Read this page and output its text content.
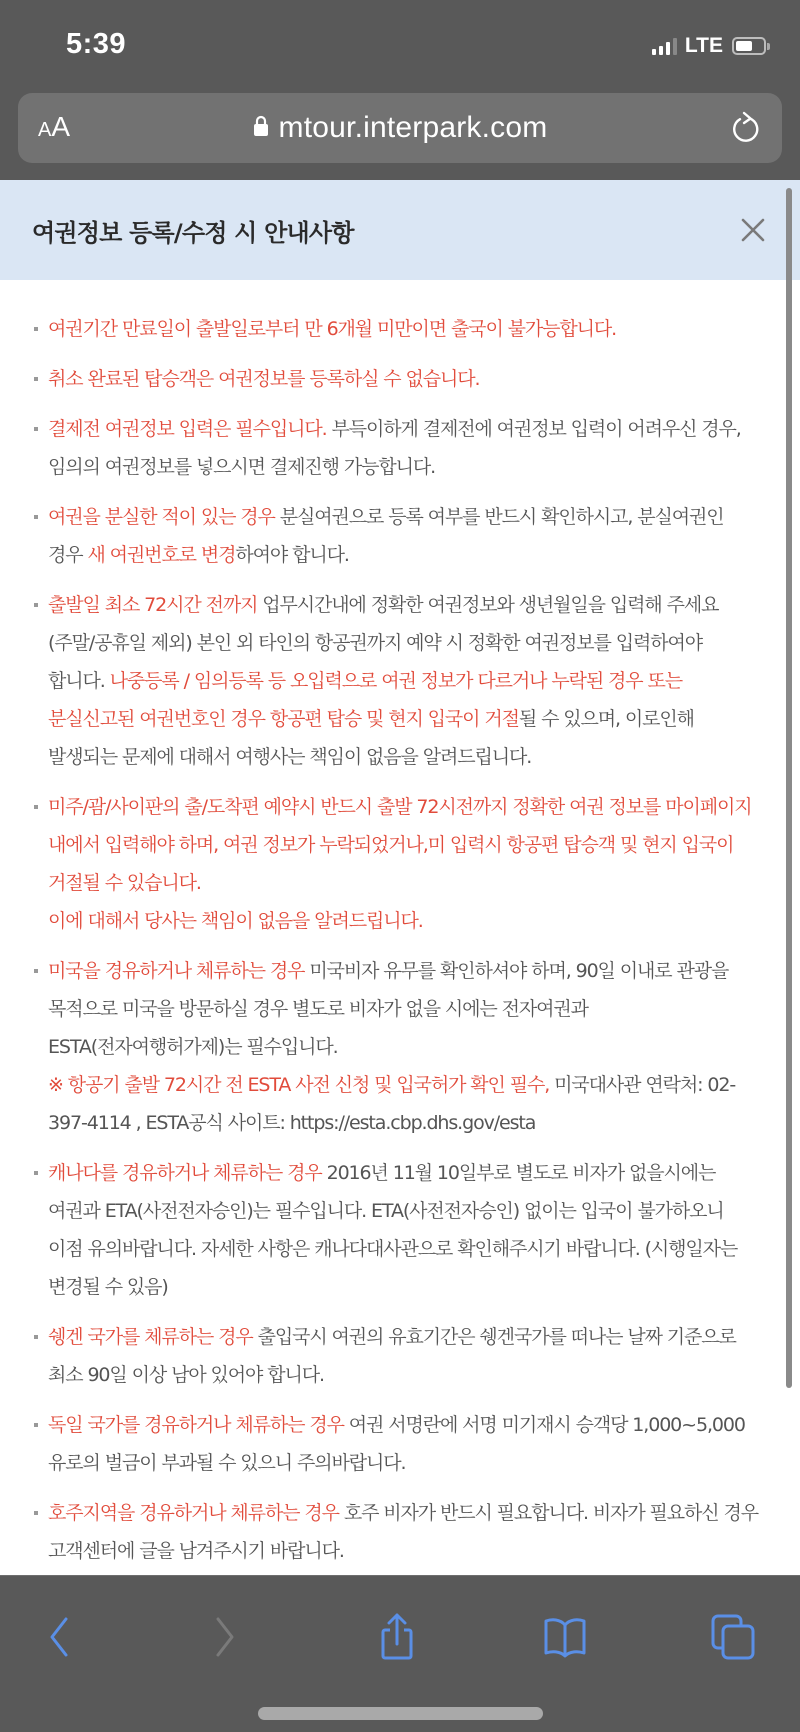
5:39	LTE
A A	mtour.interpark.com
여권정보 등록/수정 시 안내사항
여권기간 만료일이 출발일로부터 만 6개월 미만이면 출국이 불가능합니다.
취소 완료된 탑승객은 여권정보를 등록하실 수 없습니다.
결제전 여권정보 입력은 필수입니다. 부득이하게 결제전에 여권정보 입력이 어려우신 경우, 임의의 여권정보를 넣으시면 결제진행 가능합니다.
여권을 분실한 적이 있는 경우 분실여권으로 등록 여부를 반드시 확인하시고, 분실여권인 경우 새 여권번호로 변경하여야 합니다.
출발일 최소 72시간 전까지 업무시간내에 정확한 여권정보와 생년월일을 입력해 주세요(주말/공휴일 제외) 본인 외 타인의 항공권까지 예약 시 정확한 여권정보를 입력하여야 합니다. 나중등록 / 임의등록 등 오입력으로 여권 정보가 다르거나 누락된 경우 또는 분실신고된 여권번호인 경우 항공편 탑승 및 현지 입국이 거절될 수 있으며, 이로인해 발생되는 문제에 대해서 여행사는 책임이 없음을 알려드립니다.
미주/괌/사이판의 출/도착편 예약시 반드시 출발 72시전까지 정확한 여권 정보를 마이페이지 내에서 입력해야 하며, 여권 정보가 누락되었거나,미 입력시 항공편 탑승객 및 현지 입국이 거절될 수 있습니다.
이에 대해서 당사는 책임이 없음을 알려드립니다.
미국을 경유하거나 체류하는 경우 미국비자 유무를 확인하셔야 하며, 90일 이내로 관광을 목적으로 미국을 방문하실 경우 별도로 비자가 없을 시에는 전자여권과 ESTA(전자여행허가제)는 필수입니다.
※ 항공기 출발 72시간 전 ESTA 사전 신청 및 입국허가 확인 필수, 미국대사관 연락처: 02-397-4114 , ESTA공식 사이트: https://esta.cbp.dhs.gov/esta
캐나다를 경유하거나 체류하는 경우 2016년 11월 10일부로 별도로 비자가 없을시에는 여권과 ETA(사전전자승인)는 필수입니다. ETA(사전전자승인) 없이는 입국이 불가하오니 이점 유의바랍니다. 자세한 사항은 캐나다대사관으로 확인해주시기 바랍니다. (시행일자는 변경될 수 있음)
쉥겐 국가를 체류하는 경우 출입국시 여권의 유효기간은 쉥겐국가를 떠나는 날짜 기준으로 최소 90일 이상 남아 있어야 합니다.
독일 국가를 경유하거나 체류하는 경우 여권 서명란에 서명 미기재시 승객당 1,000~5,000 유로의 벌금이 부과될 수 있으니 주의바랍니다.
호주지역을 경유하거나 체류하는 경우 호주 비자가 반드시 필요합니다. 비자가 필요하신 경우 고객센터에 글을 남겨주시기 바랍니다.
